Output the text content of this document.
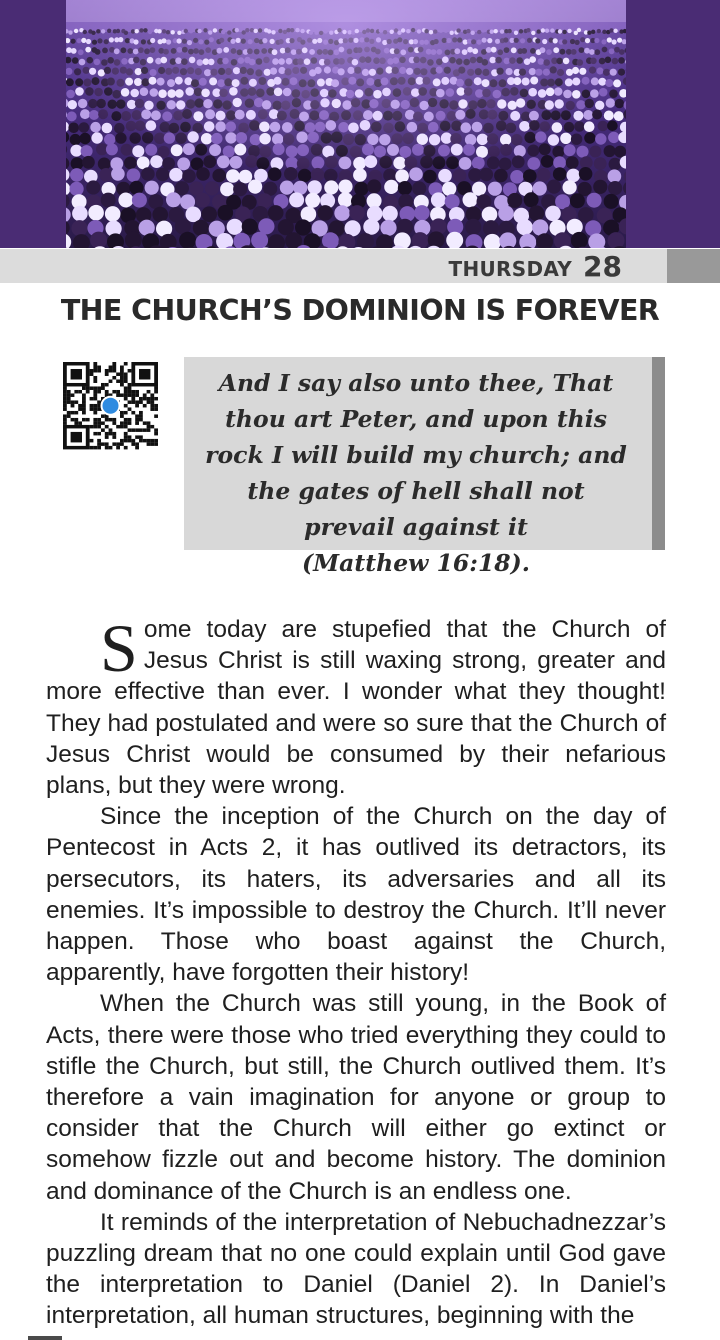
THURSDAY 28
THE CHURCH’S DOMINION IS FOREVER

And I say also unto thee, That thou art Peter, and upon this rock I will build my church; and the gates of hell shall not prevail against it
(Matthew 16:18).

Some today are stupefied that the Church of Jesus Christ is still waxing strong, greater and more effective than ever. I wonder what they thought! They had postulated and were so sure that the Church of Jesus Christ would be consumed by their nefarious plans, but they were wrong.

Since the inception of the Church on the day of Pentecost in Acts 2, it has outlived its detractors, its persecutors, its haters, its adversaries and all its enemies. It’s impossible to destroy the Church. It’ll never happen. Those who boast against the Church, apparently, have forgotten their history!

When the Church was still young, in the Book of Acts, there were those who tried everything they could to stifle the Church, but still, the Church outlived them. It’s therefore a vain imagination for anyone or group to consider that the Church will either go extinct or somehow fizzle out and become history. The dominion and dominance of the Church is an endless one.

It reminds of the interpretation of Nebuchadnezzar’s puzzling dream that no one could explain until God gave the interpretation to Daniel (Daniel 2). In Daniel’s interpretation, all human structures, beginning with the
